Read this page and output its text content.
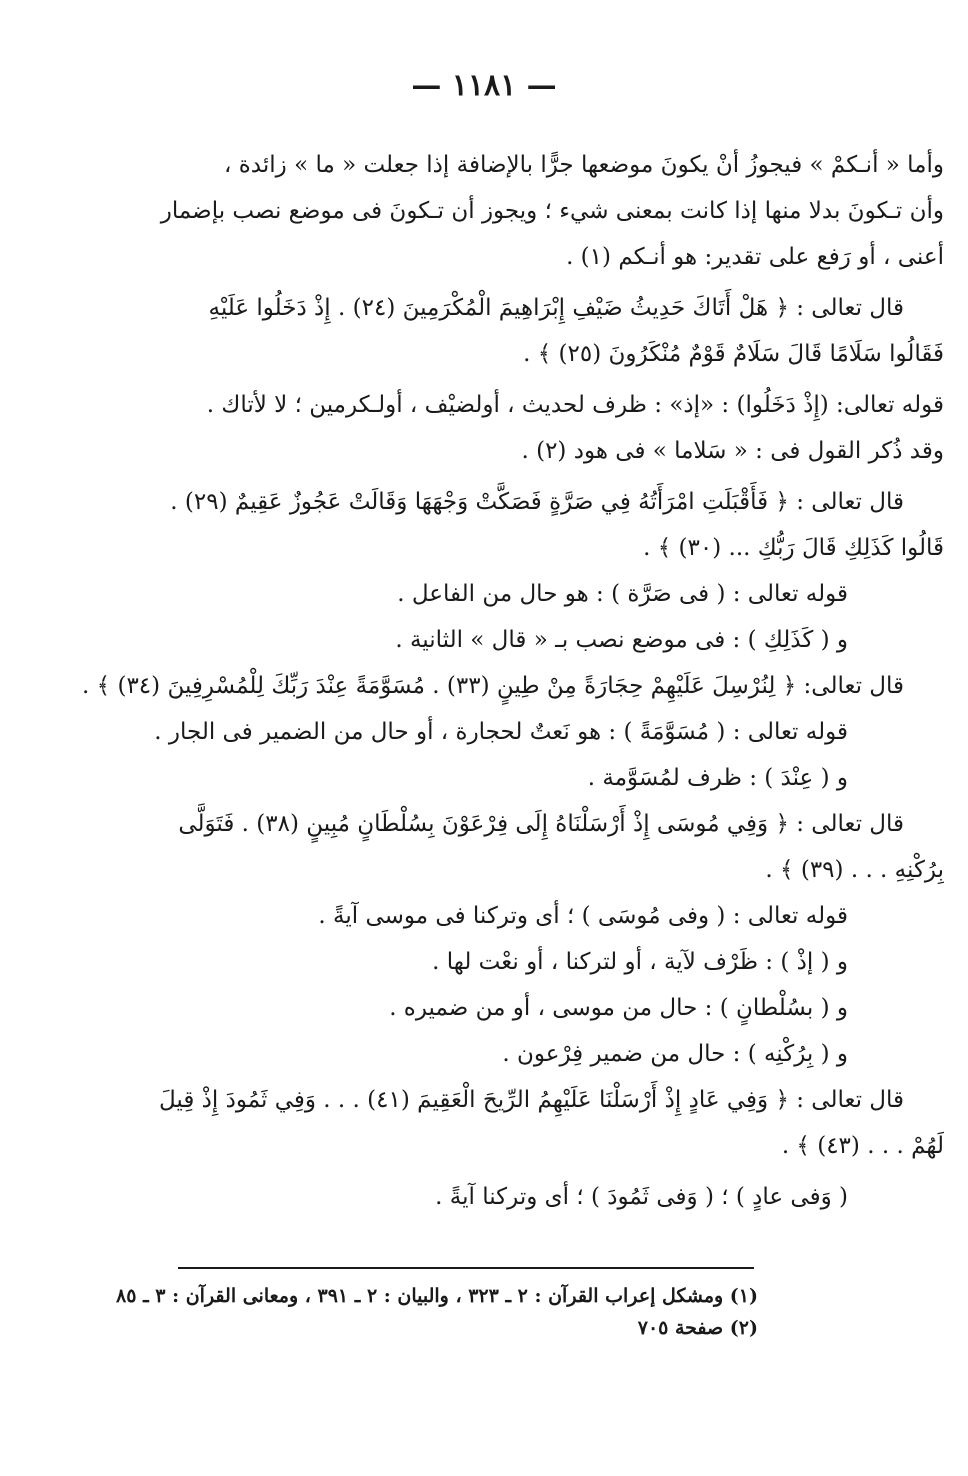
— ١١٨١ —

وأما « أنـكمْ » فيجوزُ أنْ يكونَ موضعها جرًّا بالإضافة إذا جعلت « ما » زائدة ،

وأن تـكونَ بدلا منها إذا كانت بمعنى شيء ؛ ويجوز أن تـكونَ فى موضع نصب بإضمار

أعنى ، أو رَفع على تقدير: هو أنـكم (١) .

قال تعالى : ﴿ هَلْ أَتَاكَ حَدِيثُ ضَيْفِ إِبْرَاهِيمَ الْمُكْرَمِينَ (٢٤) . إِذْ دَخَلُوا عَلَيْهِ

فَقَالُوا سَلَامًا قَالَ سَلَامٌ قَوْمٌ مُنْكَرُونَ (٢٥) ﴾ .

قوله تعالى: (إِذْ دَخَلُوا) : «إذ» : ظرف لحديث ، أولضيْف ، أولـكرمين ؛ لا لأتاك .

وقد ذُكر القول فى : « سَلاما » فى هود (٢) .

قال تعالى : ﴿ فَأَقْبَلَتِ امْرَأَتُهُ فِي صَرَّةٍ فَصَكَّتْ وَجْهَهَا وَقَالَتْ عَجُوزٌ عَقِيمٌ (٢٩) .

قَالُوا كَذَلِكِ قَالَ رَبُّكِ ... (٣٠) ﴾ .

قوله تعالى : ( فى صَرَّة ) : هو حال من الفاعل .

و ( كَذَلِكِ ) : فى موضع نصب بـ « قال » الثانية .

قال تعالى: ﴿ لِنُرْسِلَ عَلَيْهِمْ حِجَارَةً مِنْ طِينٍ (٣٣) . مُسَوَّمَةً عِنْدَ رَبِّكَ لِلْمُسْرِفِينَ (٣٤) ﴾ .

قوله تعالى : ( مُسَوَّمَةً ) : هو نَعتٌ لحجارة ، أو حال من الضمير فى الجار .

و ( عِنْدَ ) : ظرف لمُسَوَّمة .

قال تعالى : ﴿ وَفِي مُوسَى إِذْ أَرْسَلْنَاهُ إِلَى فِرْعَوْنَ بِسُلْطَانٍ مُبِينٍ (٣٨) . فَتَوَلَّى

بِرُكْنِهِ . . . (٣٩) ﴾ .

قوله تعالى : ( وفى مُوسَى ) ؛ أى وتركنا فى موسى آيةً .

و ( إذْ ) : ظَرْف لآية ، أو لتركنا ، أو نعْت لها .

و ( بسُلْطانٍ ) : حال من موسى ، أو من ضميره .

و ( بِرُكْنِه ) : حال من ضمير فِرْعون .

قال تعالى : ﴿ وَفِي عَادٍ إِذْ أَرْسَلْنَا عَلَيْهِمُ الرِّيحَ الْعَقِيمَ (٤١) . . . وَفِي ثَمُودَ إِذْ قِيلَ

لَهُمْ . . . (٤٣) ﴾ .

( وَفى عادٍ ) ؛ ( وَفى ثَمُودَ ) ؛ أى وتركنا آيةً .

(١) ومشكل إعراب القرآن : ٢ ـ ٣٢٣ ، والبيان : ٢ ـ ٣٩١ ، ومعانى القرآن : ٣ ـ ٨٥
(٢) صفحة ٧٠٥
